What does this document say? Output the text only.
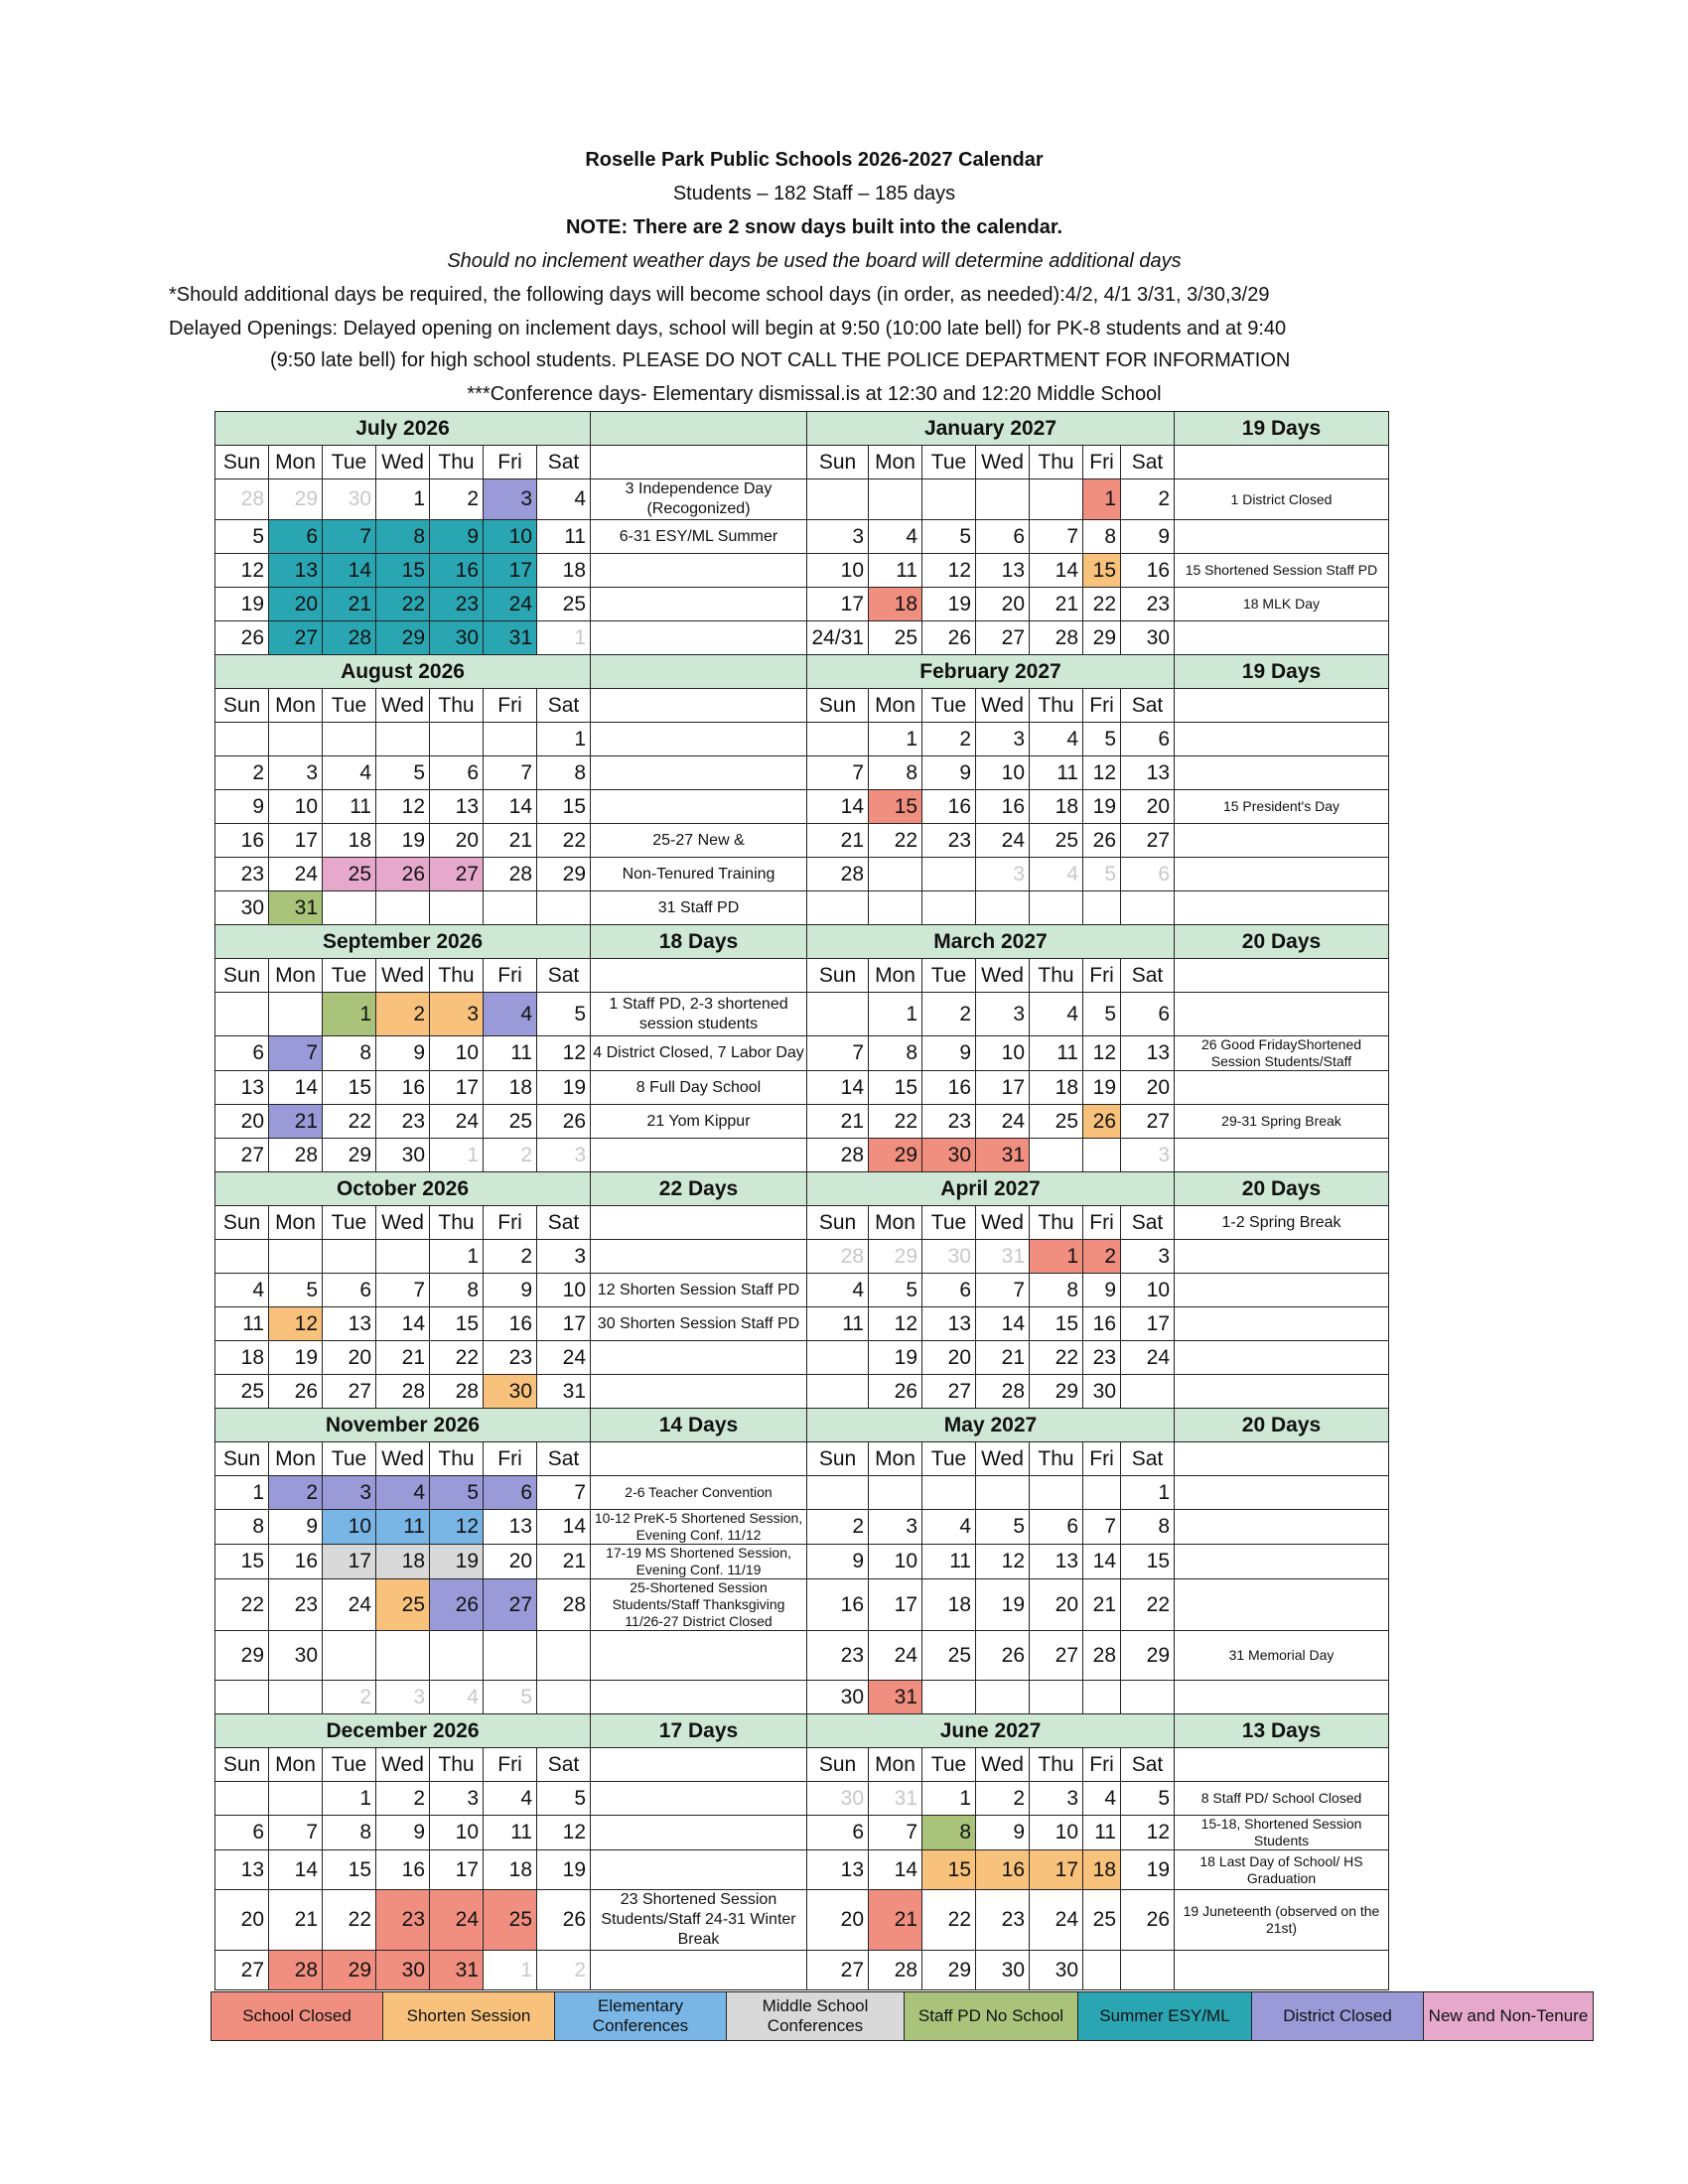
Roselle Park Public Schools 2026-2027 Calendar
Students – 182 Staff – 185 days
NOTE: There are 2 snow days built into the calendar.
Should no inclement weather days be used the board will determine additional days
*Should additional days be required, the following days will become school days (in order, as needed):4/2, 4/1 3/31, 3/30,3/29
Delayed Openings: Delayed opening on inclement days, school will begin at 9:50 (10:00 late bell) for PK-8 students and at 9:40
(9:50 late bell) for high school students. PLEASE DO NOT CALL THE POLICE DEPARTMENT FOR INFORMATION
***Conference days- Elementary dismissal.is at 12:30 and 12:20 Middle School
July 2026								January 2027							19 Days
Sun	Mon	Tue	Wed	Thu	Fri	Sat		Sun	Mon	Tue	Wed	Thu	Fri	Sat	
28	29	30	1	2	3	4	3 Independence Day (Recogonized)						1	2	1 District Closed
5	6	7	8	9	10	11	6-31 ESY/ML Summer	3	4	5	6	7	8	9	
12	13	14	15	16	17	18		10	11	12	13	14	15	16	15 Shortened Session Staff PD
19	20	21	22	23	24	25		17	18	19	20	21	22	23	18 MLK Day
26	27	28	29	30	31	1		24/31	25	26	27	28	29	30	
August 2026								February 2027							19 Days
Sun	Mon	Tue	Wed	Thu	Fri	Sat		Sun	Mon	Tue	Wed	Thu	Fri	Sat	
						1			1	2	3	4	5	6	
2	3	4	5	6	7	8		7	8	9	10	11	12	13	
9	10	11	12	13	14	15		14	15	16	16	18	19	20	15 President's Day
16	17	18	19	20	21	22	25-27 New &	21	22	23	24	25	26	27	
23	24	25	26	27	28	29	Non-Tenured Training	28			3	4	5	6	
30	31						31 Staff PD								
September 2026							18 Days	March 2027							20 Days
Sun	Mon	Tue	Wed	Thu	Fri	Sat		Sun	Mon	Tue	Wed	Thu	Fri	Sat	
		1	2	3	4	5	1 Staff PD, 2-3 shortened session students		1	2	3	4	5	6	
6	7	8	9	10	11	12	4 District Closed, 7 Labor Day	7	8	9	10	11	12	13	26 Good FridayShortened Session Students/Staff
13	14	15	16	17	18	19	8 Full Day School	14	15	16	17	18	19	20	
20	21	22	23	24	25	26	21 Yom Kippur	21	22	23	24	25	26	27	29-31 Spring Break
27	28	29	30	1	2	3		28	29	30	31			3	
October 2026							22 Days	April 2027							20 Days
Sun	Mon	Tue	Wed	Thu	Fri	Sat		Sun	Mon	Tue	Wed	Thu	Fri	Sat	1-2 Spring Break
				1	2	3		28	29	30	31	1	2	3	
4	5	6	7	8	9	10	12 Shorten Session Staff PD	4	5	6	7	8	9	10	
11	12	13	14	15	16	17	30 Shorten Session Staff PD	11	12	13	14	15	16	17	
18	19	20	21	22	23	24			19	20	21	22	23	24	
25	26	27	28	28	30	31			26	27	28	29	30		
November 2026							14 Days	May 2027							20 Days
Sun	Mon	Tue	Wed	Thu	Fri	Sat		Sun	Mon	Tue	Wed	Thu	Fri	Sat	
1	2	3	4	5	6	7	2-6 Teacher Convention							1	
8	9	10	11	12	13	14	10-12 PreK-5 Shortened Session, Evening Conf. 11/12	2	3	4	5	6	7	8	
15	16	17	18	19	20	21	17-19 MS Shortened Session, Evening Conf. 11/19	9	10	11	12	13	14	15	
22	23	24	25	26	27	28	25-Shortened Session Students/Staff Thanksgiving 11/26-27 District Closed	16	17	18	19	20	21	22	
29	30							23	24	25	26	27	28	29	31 Memorial Day
		2	3	4	5			30	31						
December 2026							17 Days	June 2027							13 Days
Sun	Mon	Tue	Wed	Thu	Fri	Sat		Sun	Mon	Tue	Wed	Thu	Fri	Sat	
		1	2	3	4	5		30	31	1	2	3	4	5	8 Staff PD/ School Closed
6	7	8	9	10	11	12		6	7	8	9	10	11	12	15-18, Shortened Session Students
13	14	15	16	17	18	19		13	14	15	16	17	18	19	18 Last Day of School/ HS Graduation
20	21	22	23	24	25	26	23 Shortened Session Students/Staff 24-31 Winter Break	20	21	22	23	24	25	26	19 Juneteenth (observed on the 21st)
27	28	29	30	31	1	2		27	28	29	30	30			
School Closed	Shorten Session	Elementary Conferences	Middle School Conferences	Staff PD No School	Summer ESY/ML	District Closed	New and Non-Tenure
